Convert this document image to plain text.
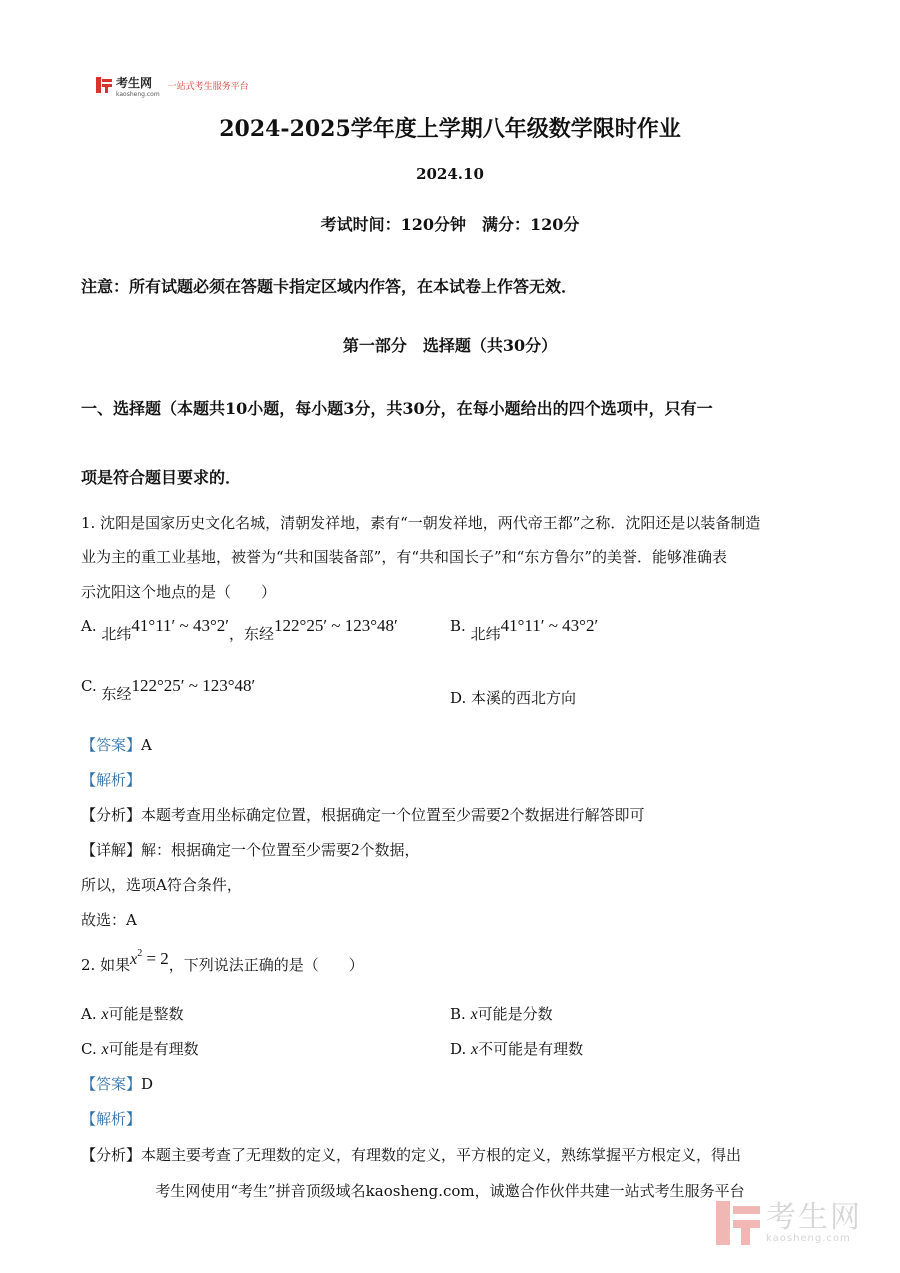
考生网
kaosheng.com
一站式考生服务平台
2024-2025学年度上学期八年级数学限时作业
2024.10
考试时间：120分钟　满分：120分
注意：所有试题必须在答题卡指定区域内作答，在本试卷上作答无效．
第一部分　选择题（共30分）
一、选择题（本题共10小题，每小题3分，共30分，在每小题给出的四个选项中，只有一
项是符合题目要求的．
1. 沈阳是国家历史文化名城，清朝发祥地，素有“一朝发祥地，两代帝王都”之称．沈阳还是以装备制造
业为主的重工业基地，被誉为“共和国装备部”，有“共和国长子”和“东方鲁尔”的美誉．能够准确表
示沈阳这个地点的是（　　）
A. 北纬41°11′ ~ 43°2′，东经122°25′ ~ 123°48′	B. 北纬41°11′ ~ 43°2′
C. 东经122°25′ ~ 123°48′
D. 本溪的西北方向
【答案】A
【解析】
【分析】本题考查用坐标确定位置，根据确定一个位置至少需要2个数据进行解答即可
【详解】解：根据确定一个位置至少需要2个数据，
所以，选项A符合条件，
故选：A
2. 如果$x^2 = 2$，下列说法正确的是（　　）
A. x可能是整数	B. x可能是分数
C. x可能是有理数	D. x不可能是有理数
【答案】D
【解析】
【分析】本题主要考查了无理数的定义，有理数的定义，平方根的定义，熟练掌握平方根定义，得出
考生网使用“考生”拼音顶级域名kaosheng.com，诚邀合作伙伴共建一站式考生服务平台
考生网
kaosheng.com
